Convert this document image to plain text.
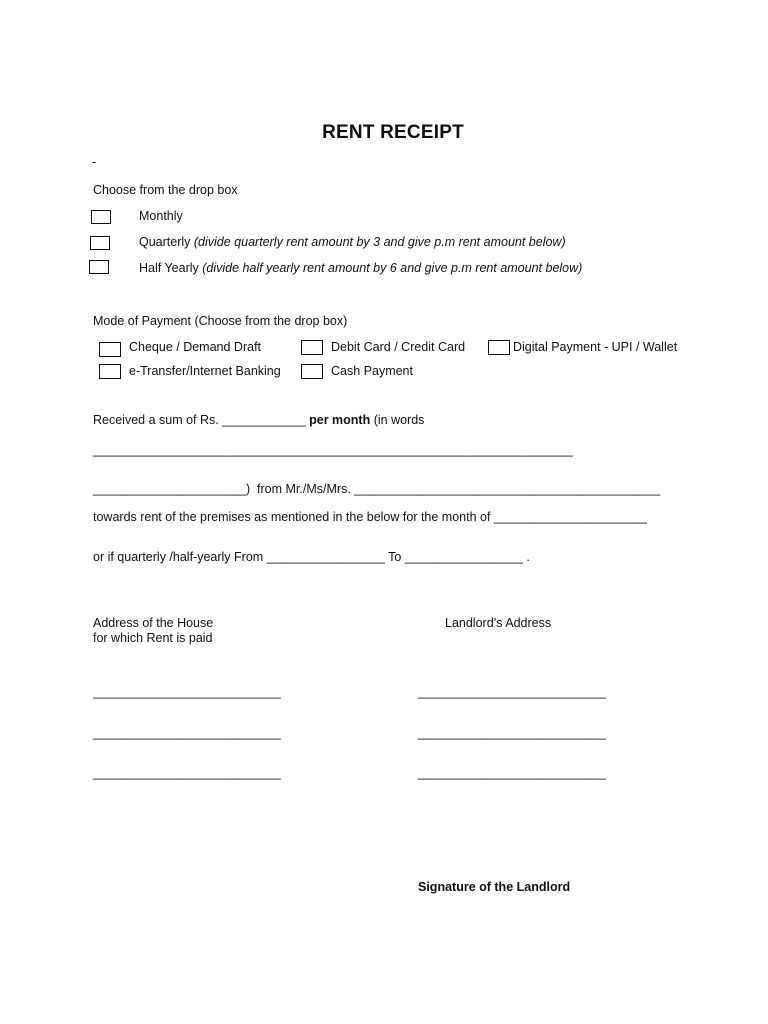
RENT RECEIPT
-
Choose from the drop box
Monthly
Quarterly (divide quarterly rent amount by 3 and give p.m rent amount below)
Half Yearly (divide half yearly rent amount by 6 and give p.m rent amount below)
Mode of Payment (Choose from the drop box)
Cheque / Demand Draft	Debit Card / Credit Card	Digital Payment - UPI / Wallet
e-Transfer/Internet Banking	Cash Payment
Received a sum of Rs. ____________ per month (in words
_____________________________________________________________________
______________________)  from Mr./Ms/Mrs. ____________________________________________
towards rent of the premises as mentioned in the below for the month of ______________________
or if quarterly /half-yearly From _________________ To _________________ .
Address of the House
for which Rent is paid
Landlord’s Address
___________________________
___________________________
___________________________
___________________________
___________________________
___________________________
Signature of the Landlord
